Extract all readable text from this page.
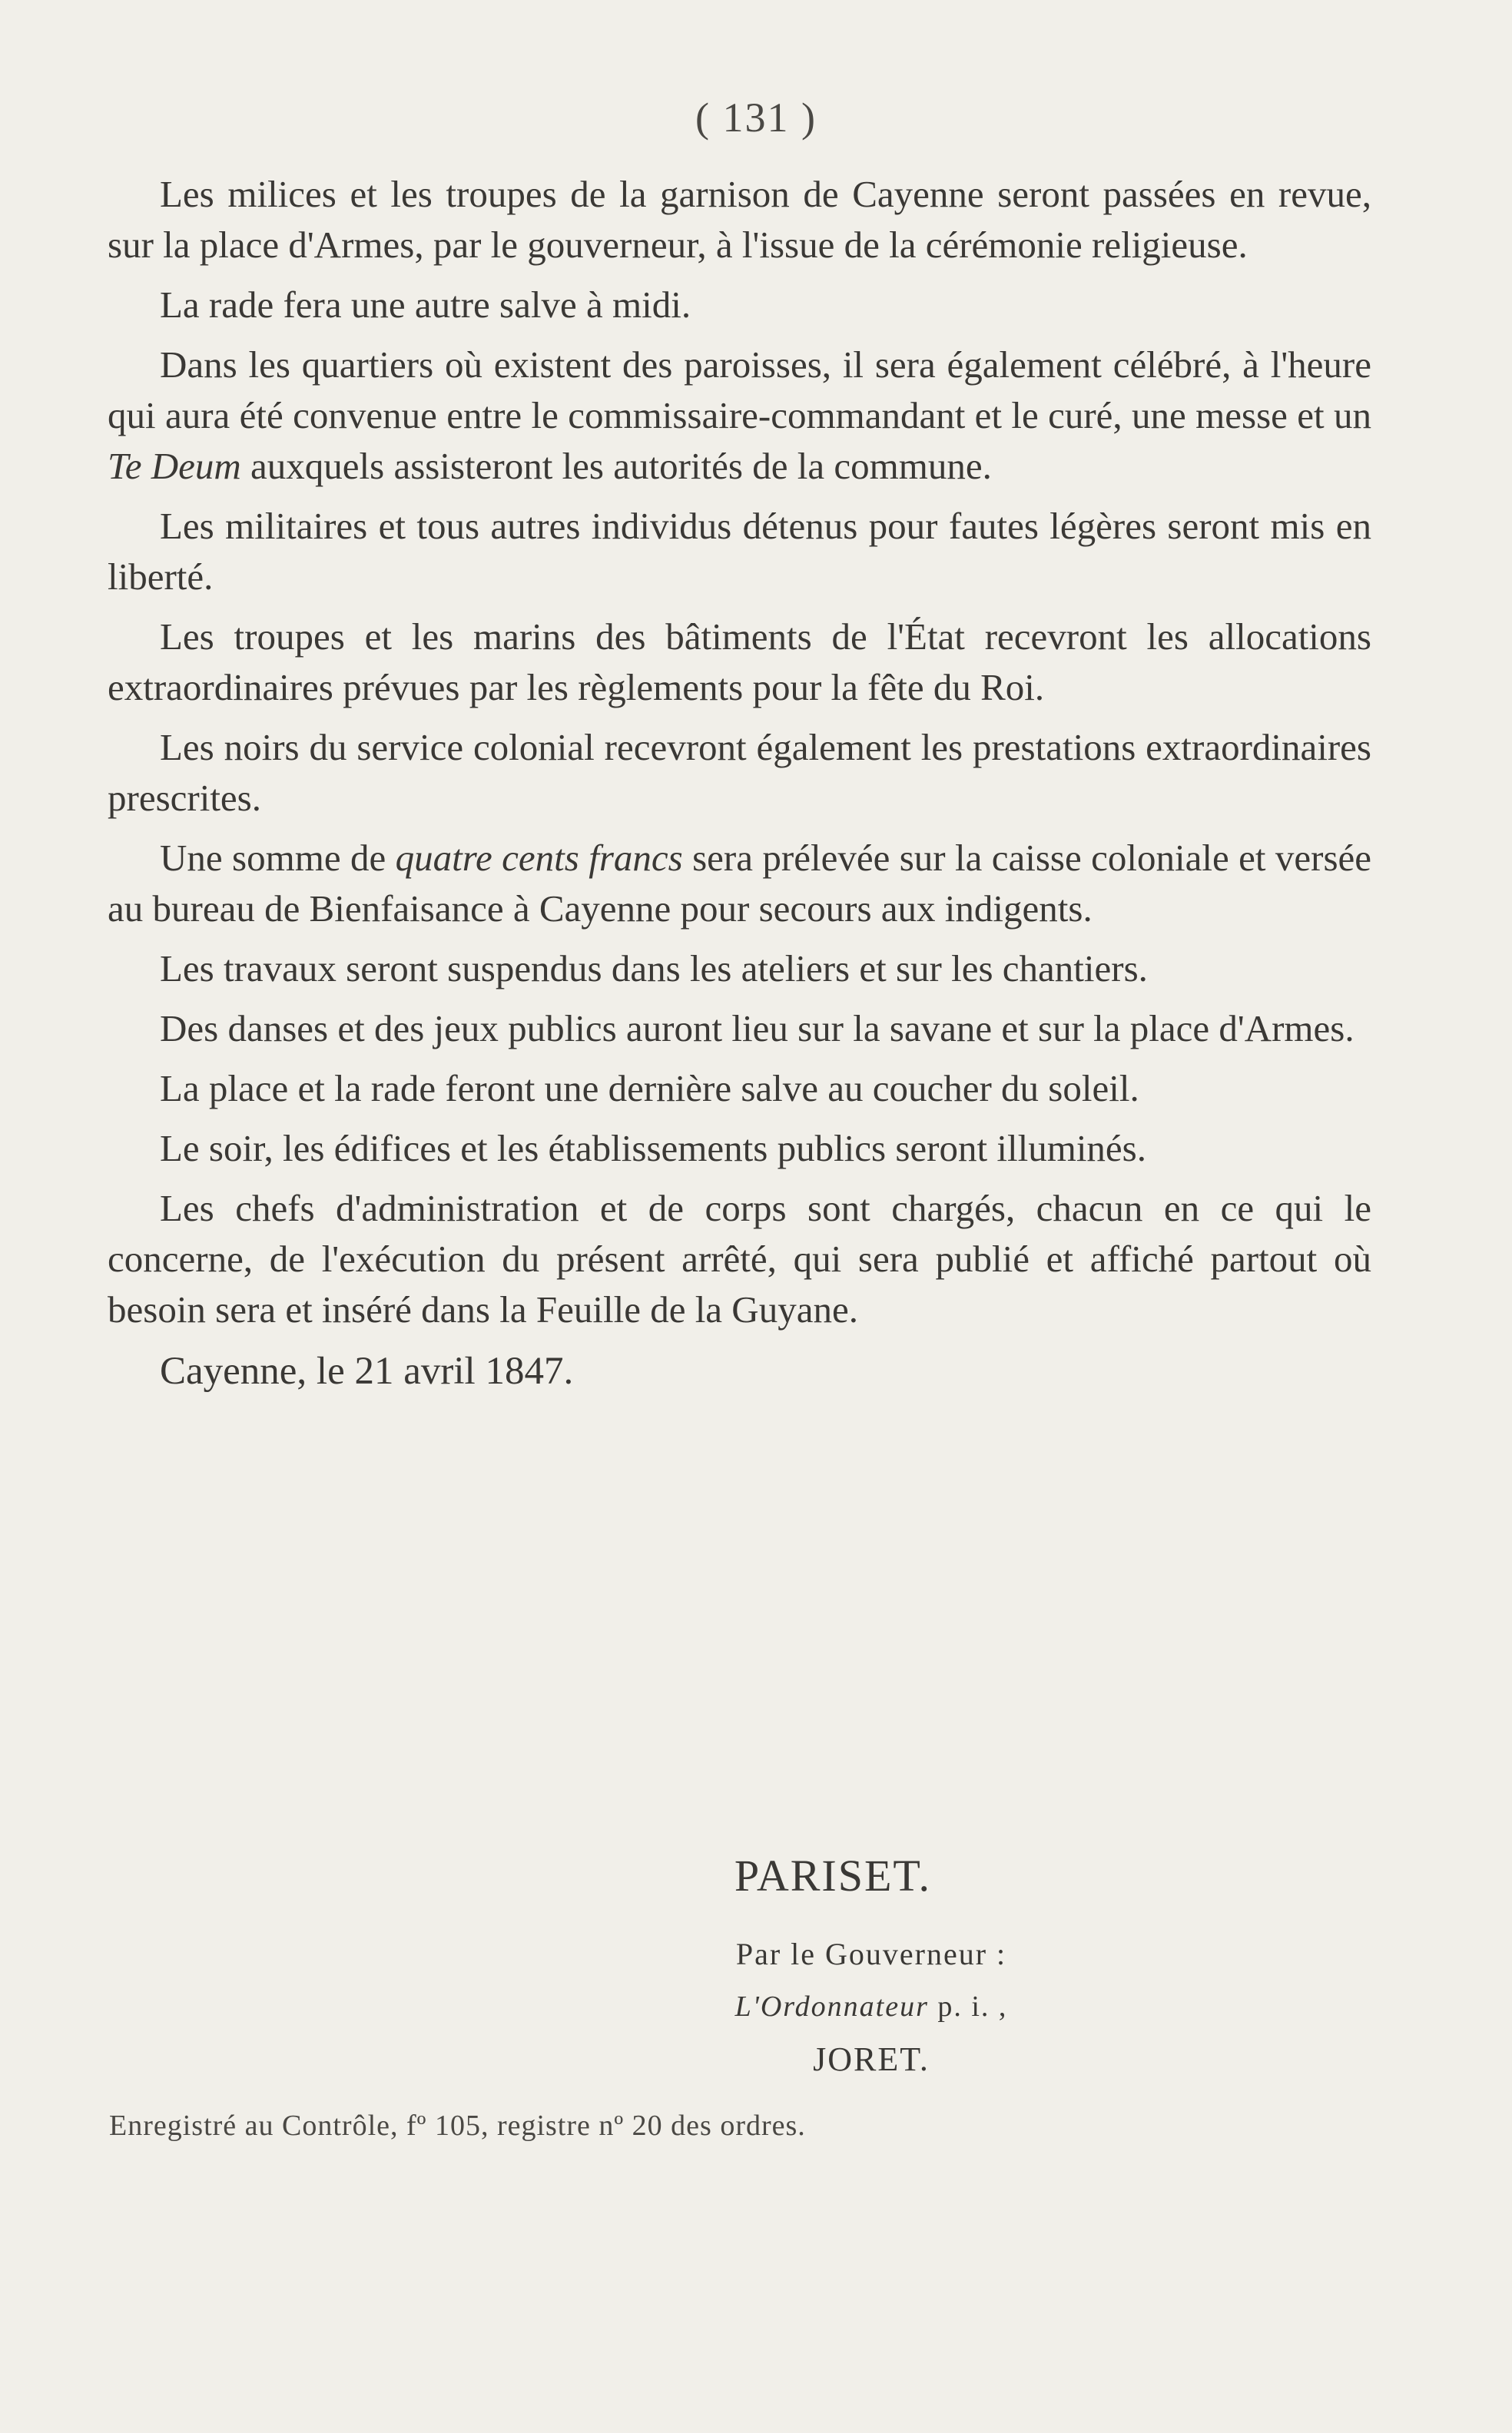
( 131 )

Les milices et les troupes de la garnison de Cayenne seront passées en revue, sur la place d'Armes, par le gouverneur, à l'issue de la cérémonie religieuse.

La rade fera une autre salve à midi.

Dans les quartiers où existent des paroisses, il sera également célébré, à l'heure qui aura été convenue entre le commissaire-commandant et le curé, une messe et un Te Deum auxquels assisteront les autorités de la commune.

Les militaires et tous autres individus détenus pour fautes légères seront mis en liberté.

Les troupes et les marins des bâtiments de l'État recevront les allocations extraordinaires prévues par les règlements pour la fête du Roi.

Les noirs du service colonial recevront également les prestations extraordinaires prescrites.

Une somme de quatre cents francs sera prélevée sur la caisse coloniale et versée au bureau de Bienfaisance à Cayenne pour secours aux indigents.

Les travaux seront suspendus dans les ateliers et sur les chantiers.

Des danses et des jeux publics auront lieu sur la savane et sur la place d'Armes.

La place et la rade feront une dernière salve au coucher du soleil.

Le soir, les édifices et les établissements publics seront illuminés.

Les chefs d'administration et de corps sont chargés, chacun en ce qui le concerne, de l'exécution du présent arrêté, qui sera publié et affiché partout où besoin sera et inséré dans la Feuille de la Guyane.

Cayenne, le 21 avril 1847.

PARISET.
Par le Gouverneur :
L'Ordonnateur p. i. ,
JORET.
Enregistré au Contrôle, fº 105, registre nº 20 des ordres.
